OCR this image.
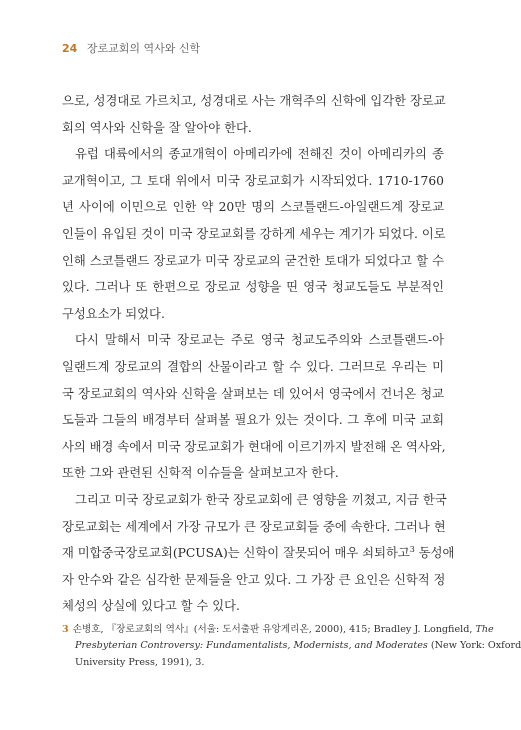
24 장로교회의 역사와 신학
으로, 성경대로 가르치고, 성경대로 사는 개혁주의 신학에 입각한 장로교
회의 역사와 신학을 잘 알아야 한다.
유럽 대륙에서의 종교개혁이 아메리카에 전해진 것이 아메리카의 종
교개혁이고, 그 토대 위에서 미국 장로교회가 시작되었다. 1710-1760
년 사이에 이민으로 인한 약 20만 명의 스코틀랜드-아일랜드계 장로교
인들이 유입된 것이 미국 장로교회를 강하게 세우는 계기가 되었다. 이로
인해 스코틀랜드 장로교가 미국 장로교의 굳건한 토대가 되었다고 할 수
있다. 그러나 또 한편으로 장로교 성향을 띤 영국 청교도들도 부분적인
구성요소가 되었다.
다시 말해서 미국 장로교는 주로 영국 청교도주의와 스코틀랜드-아
일랜드계 장로교의 결합의 산물이라고 할 수 있다. 그러므로 우리는 미
국 장로교회의 역사와 신학을 살펴보는 데 있어서 영국에서 건너온 청교
도들과 그들의 배경부터 살펴볼 필요가 있는 것이다. 그 후에 미국 교회
사의 배경 속에서 미국 장로교회가 현대에 이르기까지 발전해 온 역사와,
또한 그와 관련된 신학적 이슈들을 살펴보고자 한다.
그리고 미국 장로교회가 한국 장로교회에 큰 영향을 끼쳤고, 지금 한국
장로교회는 세계에서 가장 규모가 큰 장로교회들 중에 속한다. 그러나 현
재 미합중국장로교회(PCUSA)는 신학이 잘못되어 매우 쇠퇴하고$^3$ 동성애
자 안수와 같은 심각한 문제들을 안고 있다. 그 가장 큰 요인은 신학적 정
체성의 상실에 있다고 할 수 있다.
3 손병호, 『장로교회의 역사』(서울: 도서출판 유앙게리온, 2000), 415; Bradley J. Longfield, The
Presbyterian Controversy: Fundamentalists, Modernists, and Moderates (New York: Oxford
University Press, 1991), 3.
